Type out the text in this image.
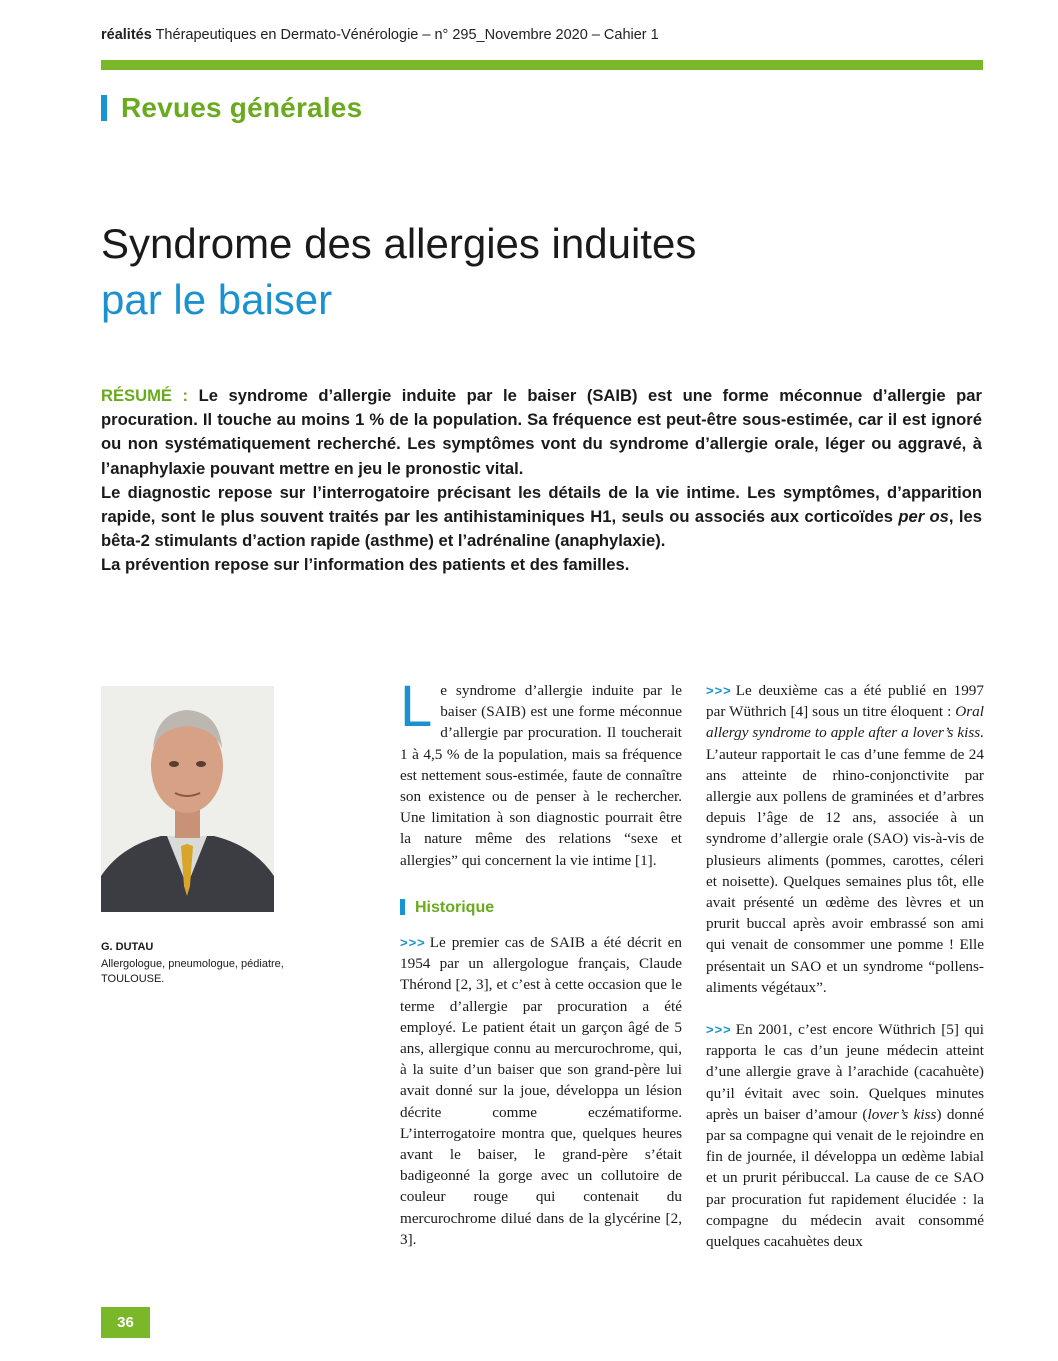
réalités Thérapeutiques en Dermato-Vénérologie – n° 295_Novembre 2020 – Cahier 1
Revues générales
Syndrome des allergies induites
par le baiser

RÉSUMÉ : Le syndrome d’allergie induite par le baiser (SAIB) est une forme méconnue d’allergie par procuration. Il touche au moins 1 % de la population. Sa fréquence est peut-être sous-estimée, car il est ignoré ou non systématiquement recherché. Les symptômes vont du syndrome d’allergie orale, léger ou aggravé, à l’anaphylaxie pouvant mettre en jeu le pronostic vital.

Le diagnostic repose sur l’interrogatoire précisant les détails de la vie intime. Les symptômes, d’apparition rapide, sont le plus souvent traités par les antihistaminiques H1, seuls ou associés aux corticoïdes per os, les bêta-2 stimulants d’action rapide (asthme) et l’adrénaline (anaphylaxie).

La prévention repose sur l’information des patients et des familles.

G. DUTAU
Allergologue, pneumologue, pédiatre, TOULOUSE.

Le syndrome d’allergie induite par le baiser (SAIB) est une forme méconnue d’allergie par procuration. Il toucherait 1 à 4,5 % de la population, mais sa fréquence est nettement sous-estimée, faute de connaître son existence ou de penser à le rechercher. Une limitation à son diagnostic pourrait être la nature même des relations “sexe et allergies” qui concernent la vie intime [1].

Historique

>>> Le premier cas de SAIB a été décrit en 1954 par un allergologue français, Claude Thérond [2, 3], et c’est à cette occasion que le terme d’allergie par procuration a été employé. Le patient était un garçon âgé de 5 ans, allergique connu au mercurochrome, qui, à la suite d’un baiser que son grand-père lui avait donné sur la joue, développa un lésion décrite comme eczématiforme. L’interrogatoire montra que, quelques heures avant le baiser, le grand-père s’était badigeonné la gorge avec un collutoire de couleur rouge qui contenait du mercurochrome dilué dans de la glycérine [2, 3].

>>> Le deuxième cas a été publié en 1997 par Wüthrich [4] sous un titre éloquent : Oral allergy syndrome to apple after a lover’s kiss. L’auteur rapportait le cas d’une femme de 24 ans atteinte de rhino-conjonctivite par allergie aux pollens de graminées et d’arbres depuis l’âge de 12 ans, associée à un syndrome d’allergie orale (SAO) vis-à-vis de plusieurs aliments (pommes, carottes, céleri et noisette). Quelques semaines plus tôt, elle avait présenté un œdème des lèvres et un prurit buccal après avoir embrassé son ami qui venait de consommer une pomme ! Elle présentait un SAO et un syndrome “pollens-aliments végétaux”.

>>> En 2001, c’est encore Wüthrich [5] qui rapporta le cas d’un jeune médecin atteint d’une allergie grave à l’arachide (cacahuète) qu’il évitait avec soin. Quelques minutes après un baiser d’amour (lover’s kiss) donné par sa compagne qui venait de le rejoindre en fin de journée, il développa un œdème labial et un prurit péribuccal. La cause de ce SAO par procuration fut rapidement élucidée : la compagne du médecin avait consommé quelques cacahuètes deux

36
